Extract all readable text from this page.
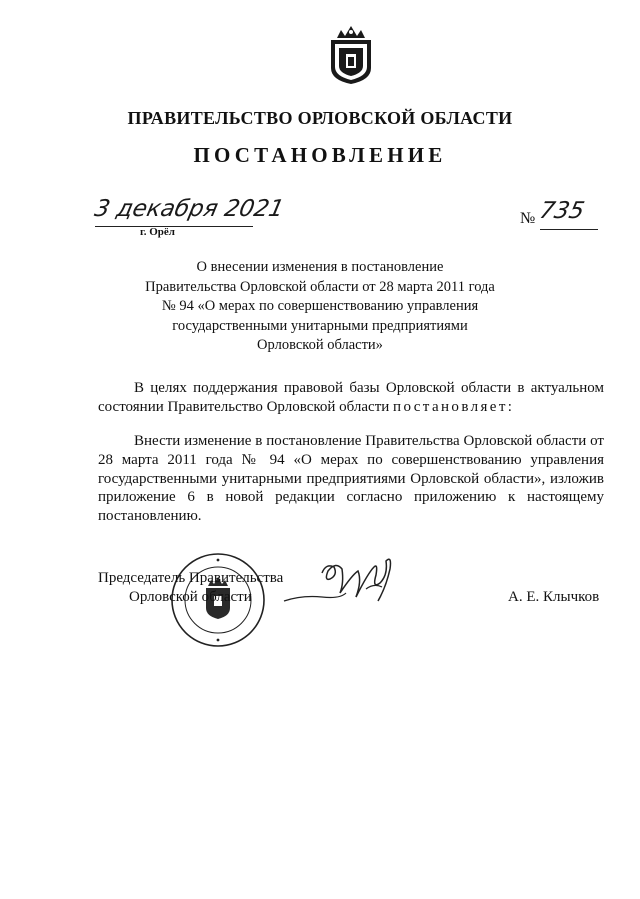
ПРАВИТЕЛЬСТВО ОРЛОВСКОЙ ОБЛАСТИ
ПОСТАНОВЛЕНИЕ
3 декабря 2021
г. Орёл
№ 735
О внесении изменения в постановление
Правительства Орловской области от 28 марта 2011 года
№ 94 «О мерах по совершенствованию управления
государственными унитарными предприятиями
Орловской области»
В целях поддержания правовой базы Орловской области в актуальном состоянии Правительство Орловской области постановляет:
Внести изменение в постановление Правительства Орловской области от 28 марта 2011 года № 94 «О мерах по совершенствованию управления государственными унитарными предприятиями Орловской области», изложив приложение 6 в новой редакции согласно приложению к настоящему постановлению.
Председатель Правительства
Орловской области	А. Е. Клычков
